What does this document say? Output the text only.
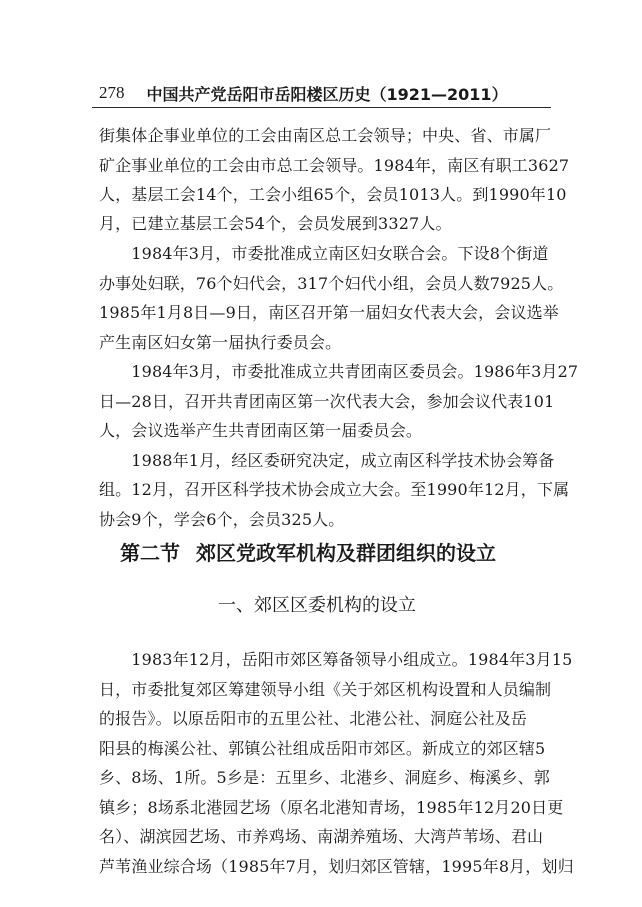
278 中国共产党岳阳市岳阳楼区历史（1921—2011）
街集体企事业单位的工会由南区总工会领导；中央、省、市属厂
矿企事业单位的工会由市总工会领导。1984年，南区有职工3627
人，基层工会14个，工会小组65个，会员1013人。到1990年10
月，已建立基层工会54个，会员发展到3327人。
　　1984年3月，市委批准成立南区妇女联合会。下设8个街道
办事处妇联，76个妇代会，317个妇代小组，会员人数7925人。
1985年1月8日—9日，南区召开第一届妇女代表大会，会议选举
产生南区妇女第一届执行委员会。
　　1984年3月，市委批准成立共青团南区委员会。1986年3月27
日—28日，召开共青团南区第一次代表大会，参加会议代表101
人，会议选举产生共青团南区第一届委员会。
　　1988年1月，经区委研究决定，成立南区科学技术协会筹备
组。12月，召开区科学技术协会成立大会。至1990年12月，下属
协会9个，学会6个，会员325人。
第二节 郊区党政军机构及群团组织的设立
一、郊区区委机构的设立
　　1983年12月，岳阳市郊区筹备领导小组成立。1984年3月15
日，市委批复郊区筹建领导小组《关于郊区机构设置和人员编制
的报告》。以原岳阳市的五里公社、北港公社、洞庭公社及岳
阳县的梅溪公社、郭镇公社组成岳阳市郊区。新成立的郊区辖5
乡、8场、1所。5乡是：五里乡、北港乡、洞庭乡、梅溪乡、郭
镇乡；8场系北港园艺场（原名北港知青场，1985年12月20日更
名）、湖滨园艺场、市养鸡场、南湖养殖场、大湾芦苇场、君山
芦苇渔业综合场（1985年7月，划归郊区管辖，1995年8月，划归
